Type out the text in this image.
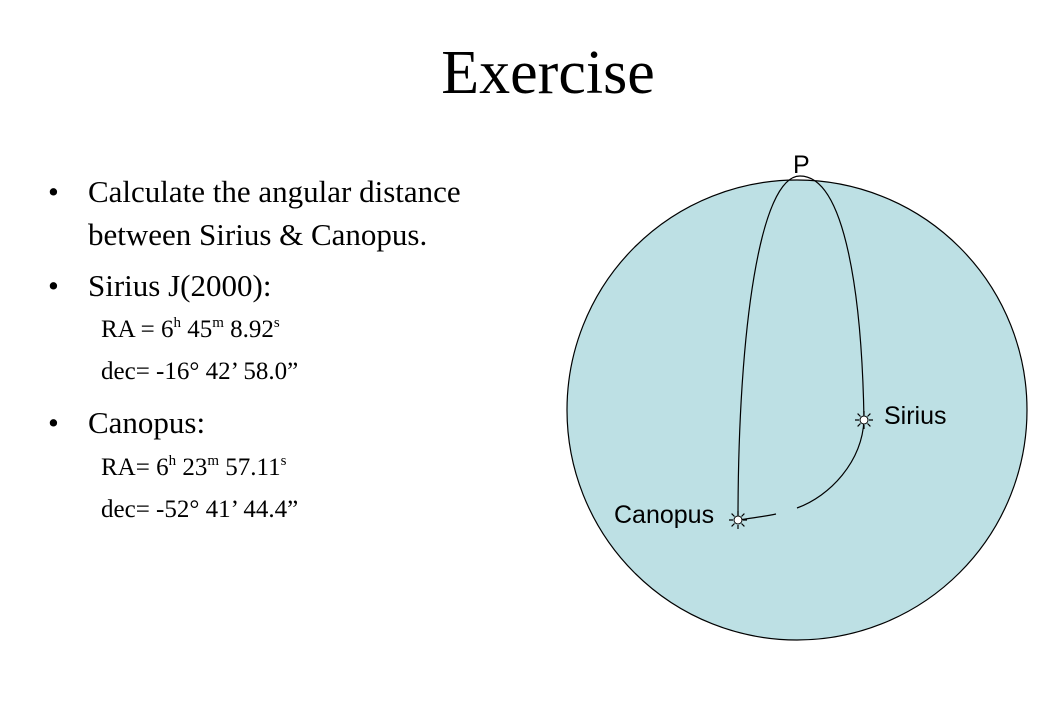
Exercise
• Calculate the angular distance
between Sirius & Canopus.
• Sirius J(2000):
RA = $6^h$ 45$^m$ 8.92$^s$
dec= -16° 42’ 58.0”
• Canopus:
$RA= 6^h$ 23$^m$ 57.11$^s$
dec= -52° 41’ 44.4”
P
Sirius
Canopus
